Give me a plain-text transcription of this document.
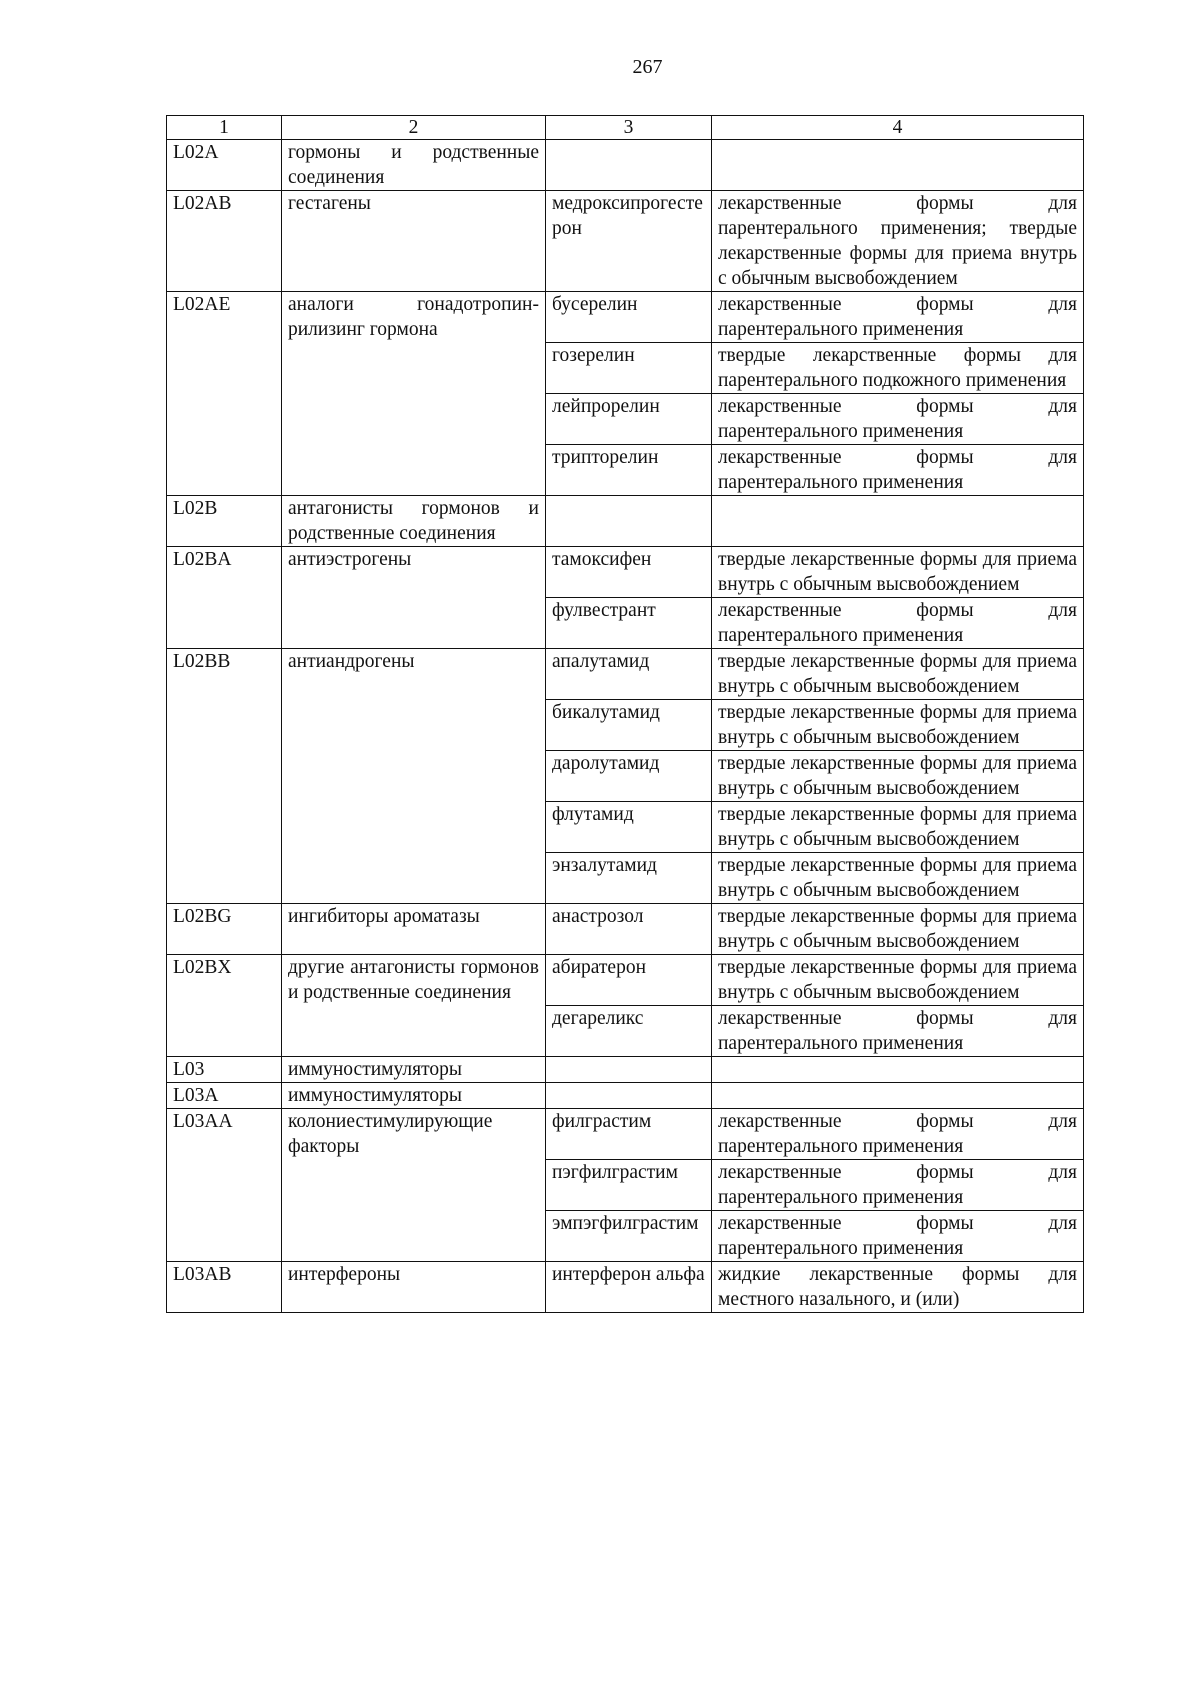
267
1	2	3	4
L02A	гормоны и родственные соединения		
L02AB	гестагены	медроксипрогестерон	лекарственные формы для парентерального применения; твердые лекарственные формы для приема внутрь с обычным высвобождением
L02AE	аналоги гонадотропин-рилизинг гормона	бусерелин	лекарственные формы для парентерального применения
		гозерелин	твердые лекарственные формы для парентерального подкожного применения
		лейпрорелин	лекарственные формы для парентерального применения
		трипторелин	лекарственные формы для парентерального применения
L02B	антагонисты гормонов и родственные соединения		
L02BA	антиэстрогены	тамоксифен	твердые лекарственные формы для приема внутрь с обычным высвобождением
		фулвестрант	лекарственные формы для парентерального применения
L02BB	антиандрогены	апалутамид	твердые лекарственные формы для приема внутрь с обычным высвобождением
		бикалутамид	твердые лекарственные формы для приема внутрь с обычным высвобождением
		даролутамид	твердые лекарственные формы для приема внутрь с обычным высвобождением
		флутамид	твердые лекарственные формы для приема внутрь с обычным высвобождением
		энзалутамид	твердые лекарственные формы для приема внутрь с обычным высвобождением
L02BG	ингибиторы ароматазы	анастрозол	твердые лекарственные формы для приема внутрь с обычным высвобождением
L02BX	другие антагонисты гормонов и родственные соединения	абиратерон	твердые лекарственные формы для приема внутрь с обычным высвобождением
		дегареликс	лекарственные формы для парентерального применения
L03	иммуностимуляторы		
L03A	иммуностимуляторы		
L03AA	колониестимулирующие факторы	филграстим	лекарственные формы для парентерального применения
		пэгфилграстим	лекарственные формы для парентерального применения
		эмпэгфилграстим	лекарственные формы для парентерального применения
L03AB	интерфероны	интерферон альфа	жидкие лекарственные формы для местного назального, и (или)
